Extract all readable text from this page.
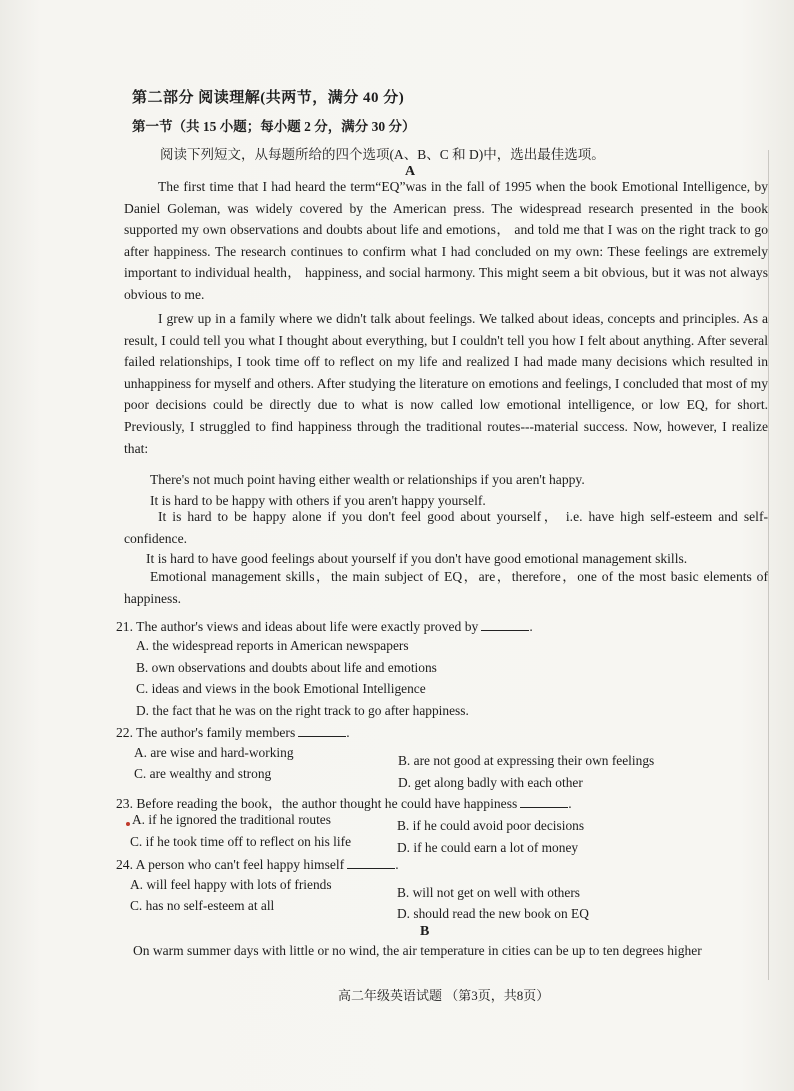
第二部分 阅读理解(共两节，满分 40 分)
第一节（共 15 小题；每小题 2 分，满分 30 分）
阅读下列短文，从每题所给的四个选项(A、B、C 和 D)中，选出最佳选项。
A
The first time that I had heard the term“EQ”was in the fall of 1995 when the book Emotional Intelligence, by Daniel Goleman, was widely covered by the American press. The widespread research presented in the book supported my own observations and doubts about life and emotions， and told me that I was on the right track to go after happiness. The research continues to confirm what I had concluded on my own: These feelings are extremely important to individual health， happiness, and social harmony. This might seem a bit obvious, but it was not always obvious to me.
I grew up in a family where we didn't talk about feelings. We talked about ideas, concepts and principles. As a result, I could tell you what I thought about everything, but I couldn't tell you how I felt about anything. After several failed relationships, I took time off to reflect on my life and realized I had made many decisions which resulted in unhappiness for myself and others. After studying the literature on emotions and feelings, I concluded that most of my poor decisions could be directly due to what is now called low emotional intelligence, or low EQ, for short. Previously, I struggled to find happiness through the traditional routes---material success. Now, however, I realize that:
There's not much point having either wealth or relationships if you aren't happy.
It is hard to be happy with others if you aren't happy yourself.
It is hard to be happy alone if you don't feel good about yourself， i.e. have high self-esteem and self-confidence.
It is hard to have good feelings about yourself if you don't have good emotional management skills.
Emotional management skills，the main subject of EQ，are，therefore，one of the most basic elements of happiness.
21. The author's views and ideas about life were exactly proved by	.
A. the widespread reports in American newspapers
B. own observations and doubts about life and emotions
C. ideas and views in the book Emotional Intelligence
D. the fact that he was on the right track to go after happiness.
22. The author's family members	.
A. are wise and hard-working
B. are not good at expressing their own feelings
C. are wealthy and strong
D. get along badly with each other
23. Before reading the book，the author thought he could have happiness	.
A. if he ignored the traditional routes	B. if he could avoid poor decisions
C. if he took time off to reflect on his life	D. if he could earn a lot of money
24. A person who can't feel happy himself	.
A. will feel happy with lots of friends
B. will not get on well with others
C. has no self-esteem at all
D. should read the new book on EQ
B
On warm summer days with little or no wind, the air temperature in cities can be up to ten degrees higher
高二年级英语试题 （第3页，共8页）
